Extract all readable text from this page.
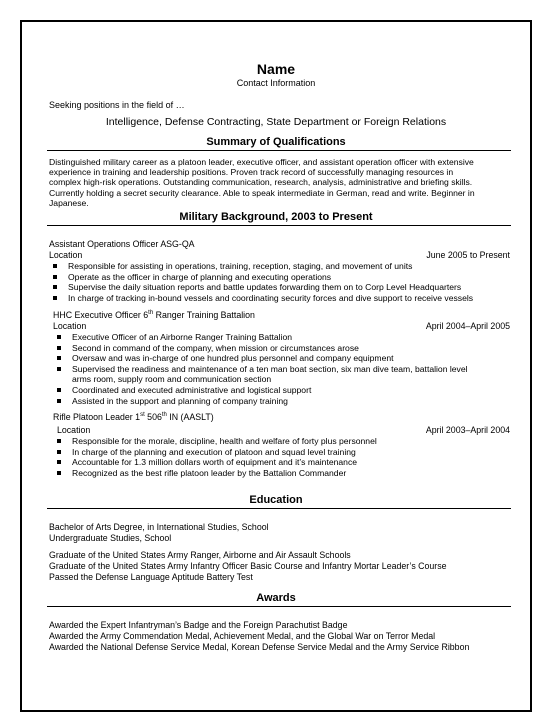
Name
Contact Information
Seeking positions in the field of …
Intelligence, Defense Contracting, State Department or Foreign Relations
Summary of Qualifications
Distinguished military career as a platoon leader, executive officer, and assistant operation officer with extensive
experience in training and leadership positions. Proven track record of successfully managing resources in
complex high-risk operations. Outstanding communication, research, analysis, administrative and briefing skills.
Currently holding a secret security clearance. Able to speak intermediate in German, read and write. Beginner in
Japanese.
Military Background, 2003 to Present
Assistant Operations Officer ASG-QA
Location	June 2005 to Present
Responsible for assisting in operations, training, reception, staging, and movement of units
Operate as the officer in charge of planning and executing operations
Supervise the daily situation reports and battle updates forwarding them on to Corp Level Headquarters
In charge of tracking in-bound vessels and coordinating security forces and dive support to receive vessels
HHC Executive Officer 6th Ranger Training Battalion
Location	April 2004–April 2005
Executive Officer of an Airborne Ranger Training Battalion
Second in command of the company, when mission or circumstances arose
Oversaw and was in-charge of one hundred plus personnel and company equipment
Supervised the readiness and maintenance of a ten man boat section, six man dive team, battalion level
arms room, supply room and communication section
Coordinated and executed administrative and logistical support
Assisted in the support and planning of company training
Rifle Platoon Leader 1st 506th IN (AASLT)
Location	April 2003–April 2004
Responsible for the morale, discipline, health and welfare of forty plus personnel
In charge of the planning and execution of platoon and squad level training
Accountable for 1.3 million dollars worth of equipment and it’s maintenance
Recognized as the best rifle platoon leader by the Battalion Commander
Education
Bachelor of Arts Degree, in International Studies, School
Undergraduate Studies, School
Graduate of the United States Army Ranger, Airborne and Air Assault Schools
Graduate of the United States Army Infantry Officer Basic Course and Infantry Mortar Leader’s Course
Passed the Defense Language Aptitude Battery Test
Awards
Awarded the Expert Infantryman’s Badge and the Foreign Parachutist Badge
Awarded the Army Commendation Medal, Achievement Medal, and the Global War on Terror Medal
Awarded the National Defense Service Medal, Korean Defense Service Medal and the Army Service Ribbon
